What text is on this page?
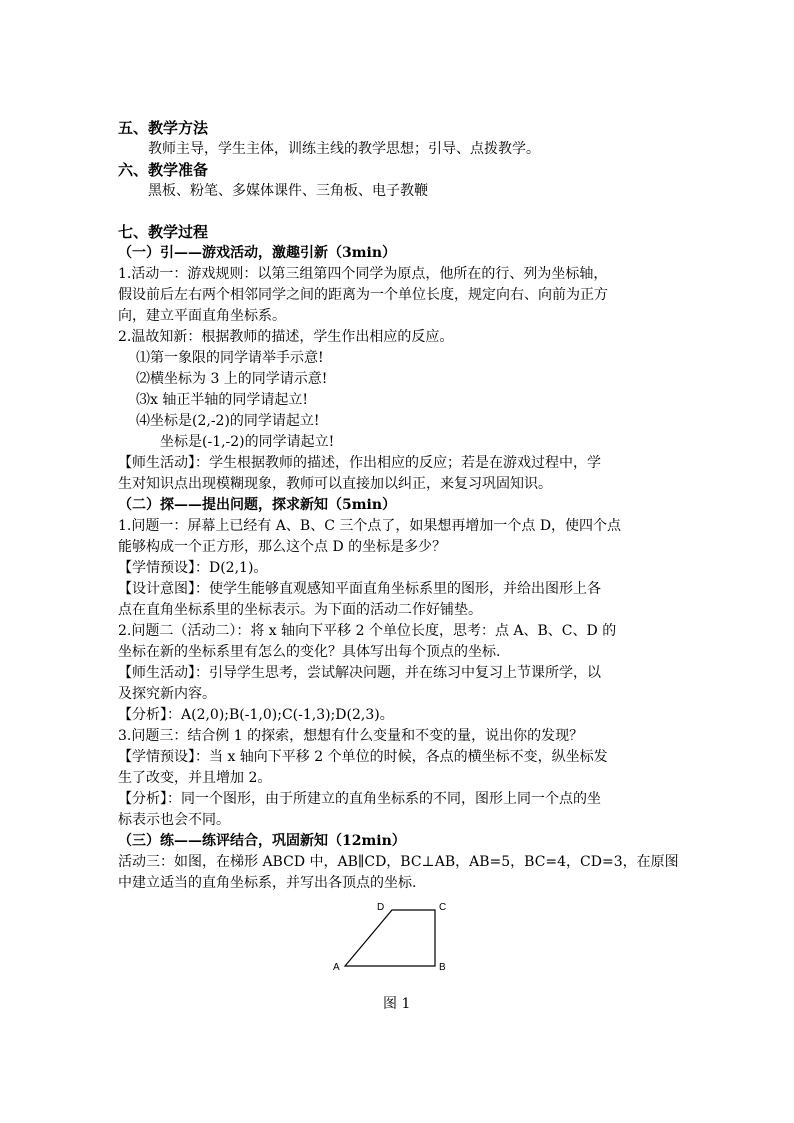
五、教学方法
教师主导，学生主体，训练主线的教学思想；引导、点拨教学。
六、教学准备
黑板、粉笔、多媒体课件、三角板、电子教鞭
七、教学过程
（一）引——游戏活动，激趣引新（3min）
1.活动一：游戏规则：以第三组第四个同学为原点，他所在的行、列为坐标轴，
假设前后左右两个相邻同学之间的距离为一个单位长度，规定向右、向前为正方
向，建立平面直角坐标系。
2.温故知新：根据教师的描述，学生作出相应的反应。
⑴第一象限的同学请举手示意!
⑵横坐标为 3 上的同学请示意!
⑶x 轴正半轴的同学请起立!
⑷坐标是(2,-2)的同学请起立!
坐标是(-1,-2)的同学请起立!
【师生活动】：学生根据教师的描述，作出相应的反应；若是在游戏过程中，学
生对知识点出现模糊现象，教师可以直接加以纠正，来复习巩固知识。
（二）探——提出问题，探求新知（5min）
1.问题一：屏幕上已经有 A、B、C 三个点了，如果想再增加一个点 D，使四个点
能够构成一个正方形，那么这个点 D 的坐标是多少？
【学情预设】：D(2,1)。
【设计意图】：使学生能够直观感知平面直角坐标系里的图形，并给出图形上各
点在直角坐标系里的坐标表示。为下面的活动二作好铺垫。
2.问题二（活动二）：将 x 轴向下平移 2 个单位长度，思考：点 A、B、C、D 的
坐标在新的坐标系里有怎么的变化？具体写出每个顶点的坐标.
【师生活动】：引导学生思考，尝试解决问题，并在练习中复习上节课所学，以
及探究新内容。
【分析】：A(2,0);B(-1,0);C(-1,3);D(2,3)。
3.问题三：结合例 1 的探索，想想有什么变量和不变的量，说出你的发现？
【学情预设】：当 x 轴向下平移 2 个单位的时候，各点的横坐标不变，纵坐标发
生了改变，并且增加 2。
【分析】：同一个图形，由于所建立的直角坐标系的不同，图形上同一个点的坐
标表示也会不同。
（三）练——练评结合，巩固新知（12min）
活动三：如图，在梯形 ABCD 中，AB∥CD，BC⊥AB，AB=5，BC=4，CD=3，在原图
中建立适当的直角坐标系，并写出各顶点的坐标.
D	C
A	B
图 1
